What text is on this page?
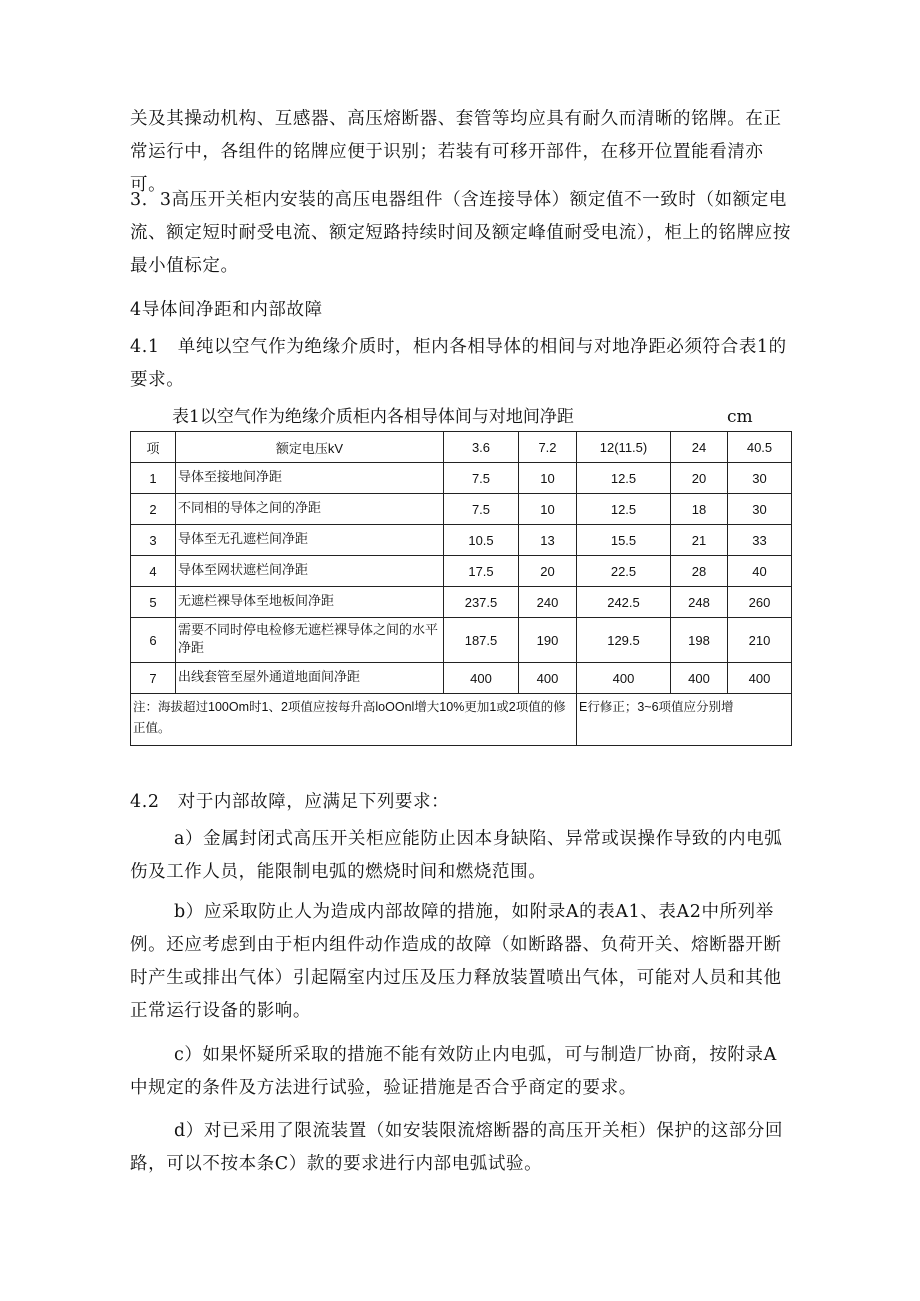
关及其操动机构、互感器、高压熔断器、套管等均应具有耐久而清晰的铭牌。在正常运行中，各组件的铭牌应便于识别；若装有可移开部件，在移开位置能看清亦可。

3．3高压开关柜内安装的高压电器组件（含连接导体）额定值不一致时（如额定电流、额定短时耐受电流、额定短路持续时间及额定峰值耐受电流），柜上的铭牌应按最小值标定。

4导体间净距和内部故障

4.1　单纯以空气作为绝缘介质时，柜内各相导体的相间与对地净距必须符合表1的要求。

表1以空气作为绝缘介质柜内各相导体间与对地间净距	cm
项	额定电压kV	3.6	7.2	12(11.5)	24	40.5
1	导体至接地间净距	7.5	10	12.5	20	30
2	不同相的导体之间的净距	7.5	10	12.5	18	30
3	导体至无孔遮栏间净距	10.5	13	15.5	21	33
4	导体至网状遮栏间净距	17.5	20	22.5	28	40
5	无遮栏裸导体至地板间净距	237.5	240	242.5	248	260
6	需要不同时停电检修无遮栏裸导体之间的水平净距	187.5	190	129.5	198	210
7	出线套管至屋外通道地面间净距	400	400	400	400	400
注：海拔超过100Om时1、2项值应按每升高loOOnl增大10%更加1或2项值的修正值。				E行修正；3~6项值应分别增		

4.2　对于内部故障，应满足下列要求：

a）金属封闭式高压开关柜应能防止因本身缺陷、异常或误操作导致的内电弧伤及工作人员，能限制电弧的燃烧时间和燃烧范围。

b）应采取防止人为造成内部故障的措施，如附录A的表A1、表A2中所列举例。还应考虑到由于柜内组件动作造成的故障（如断路器、负荷开关、熔断器开断时产生或排出气体）引起隔室内过压及压力释放装置喷出气体，可能对人员和其他正常运行设备的影响。

c）如果怀疑所采取的措施不能有效防止内电弧，可与制造厂协商，按附录A中规定的条件及方法进行试验，验证措施是否合乎商定的要求。

d）对已采用了限流装置（如安装限流熔断器的高压开关柜）保护的这部分回路，可以不按本条C）款的要求进行内部电弧试验。
